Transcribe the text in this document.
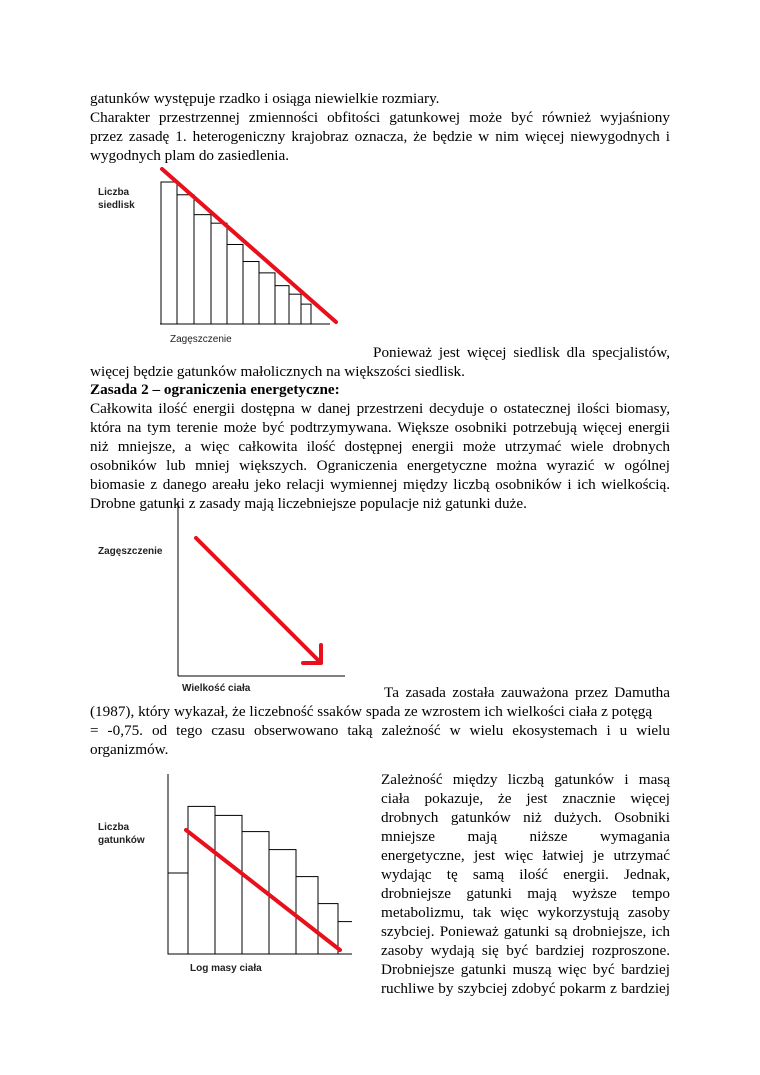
gatunków występuje rzadko i osiąga niewielkie rozmiary.
Charakter przestrzennej zmienności obfitości gatunkowej może być również wyjaśniony
przez zasadę 1. heterogeniczny krajobraz oznacza, że będzie w nim więcej niewygodnych i
wygodnych plam do zasiedlenia.
Liczba
siedlisk
Zagęszczenie
Ponieważ jest więcej siedlisk dla specjalistów,
więcej będzie gatunków małolicznych na większości siedlisk.
Zasada 2 – ograniczenia energetyczne:
Całkowita ilość energii dostępna w danej przestrzeni decyduje o ostatecznej ilości biomasy,
która na tym terenie może być podtrzymywana. Większe osobniki potrzebują więcej energii
niż mniejsze, a więc całkowita ilość dostępnej energii może utrzymać wiele drobnych
osobników lub mniej większych. Ograniczenia energetyczne można wyrazić w ogólnej
biomasie z danego areału jeko relacji wymiennej między liczbą osobników i ich wielkością.
Drobne gatunki z zasady mają liczebniejsze populacje niż gatunki duże.
Zagęszczenie
Wielkość ciała	Ta zasada została zauważona przez Damutha
(1987), który wykazał, że liczebność ssaków spada ze wzrostem ich wielkości ciała z potęgą
= -0,75. od tego czasu obserwowano taką zależność w wielu ekosystemach i u wielu
organizmów.
Liczba
gatunków
Log masy ciała
Zależność między liczbą gatunków i masą
ciała pokazuje, że jest znacznie więcej
drobnych gatunków niż dużych. Osobniki
mniejsze mają niższe wymagania
energetyczne, jest więc łatwiej je utrzymać
wydając tę samą ilość energii. Jednak,
drobniejsze gatunki mają wyższe tempo
metabolizmu, tak więc wykorzystują zasoby
szybciej. Ponieważ gatunki są drobniejsze, ich
zasoby wydają się być bardziej rozproszone.
Drobniejsze gatunki muszą więc być bardziej
ruchliwe by szybciej zdobyć pokarm z bardziej
